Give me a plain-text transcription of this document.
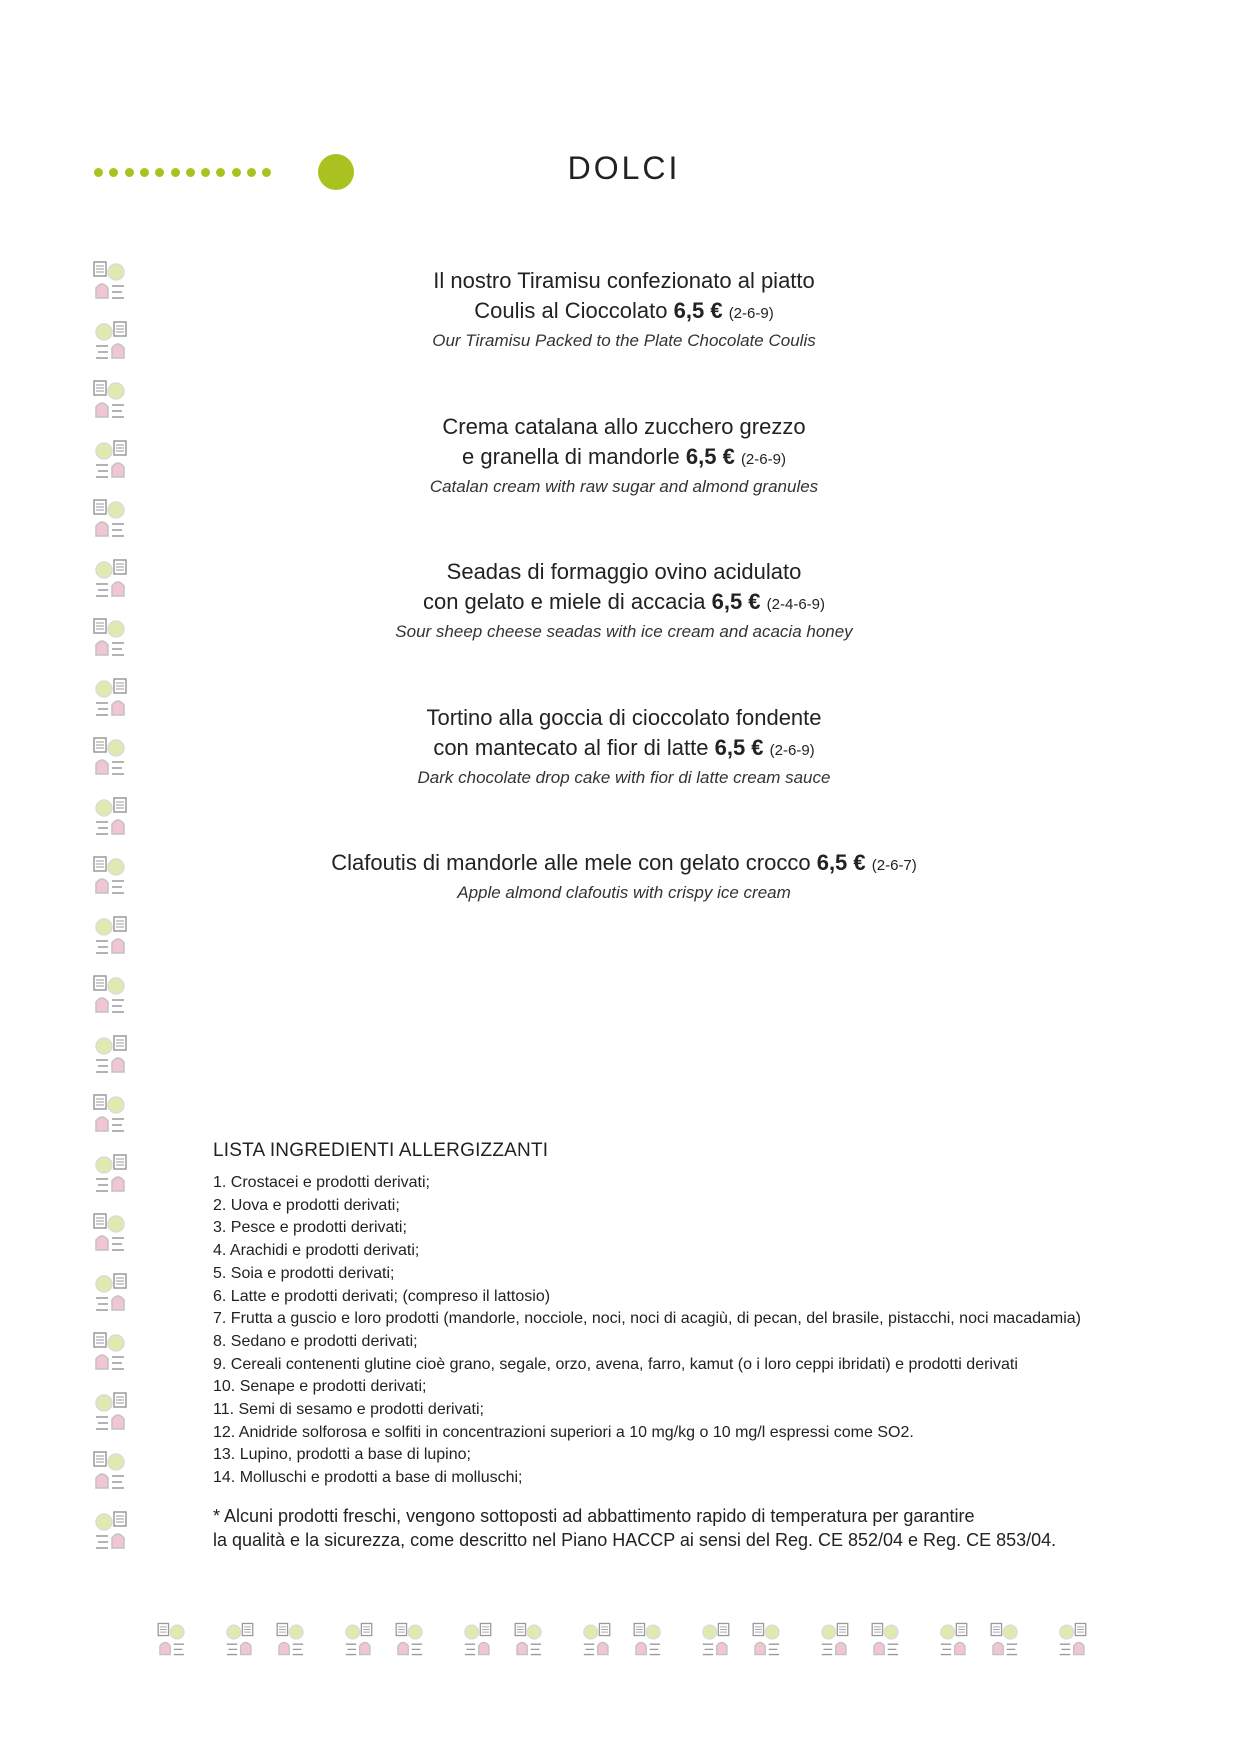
DOLCI
Il nostro Tiramisu confezionato al piatto
Coulis al Cioccolato 6,5 € (2-6-9)
Our Tiramisu Packed to the Plate Chocolate Coulis
Crema catalana allo zucchero grezzo
e granella di mandorle 6,5 € (2-6-9)
Catalan cream with raw sugar and almond granules
Seadas di formaggio ovino acidulato
con gelato e miele di accacia 6,5 € (2-4-6-9)
Sour sheep cheese seadas with ice cream and acacia honey
Tortino alla goccia di cioccolato fondente
con mantecato al fior di latte 6,5 € (2-6-9)
Dark chocolate drop cake with fior di latte cream sauce
Clafoutis di mandorle alle mele con gelato crocco 6,5 € (2-6-7)
Apple almond clafoutis with crispy ice cream
LISTA INGREDIENTI ALLERGIZZANTI
1. Crostacei e prodotti derivati;
2. Uova e prodotti derivati;
3. Pesce e prodotti derivati;
4. Arachidi e prodotti derivati;
5. Soia e prodotti derivati;
6. Latte e prodotti derivati; (compreso il lattosio)
7. Frutta a guscio e loro prodotti (mandorle, nocciole, noci, noci di acagiù, di pecan, del brasile, pistacchi, noci macadamia)
8. Sedano e prodotti derivati;
9. Cereali contenenti glutine cioè grano, segale, orzo, avena, farro, kamut (o i loro ceppi ibridati) e prodotti derivati
10. Senape e prodotti derivati;
11. Semi di sesamo e prodotti derivati;
12. Anidride solforosa e solfiti in concentrazioni superiori a 10 mg/kg o 10 mg/l espressi come SO2.
13. Lupino, prodotti a base di lupino;
14. Molluschi e prodotti a base di molluschi;
* Alcuni prodotti freschi, vengono sottoposti ad abbattimento rapido di temperatura per garantire
la qualità e la sicurezza, come descritto nel Piano HACCP ai sensi del Reg. CE 852/04 e Reg. CE 853/04.
